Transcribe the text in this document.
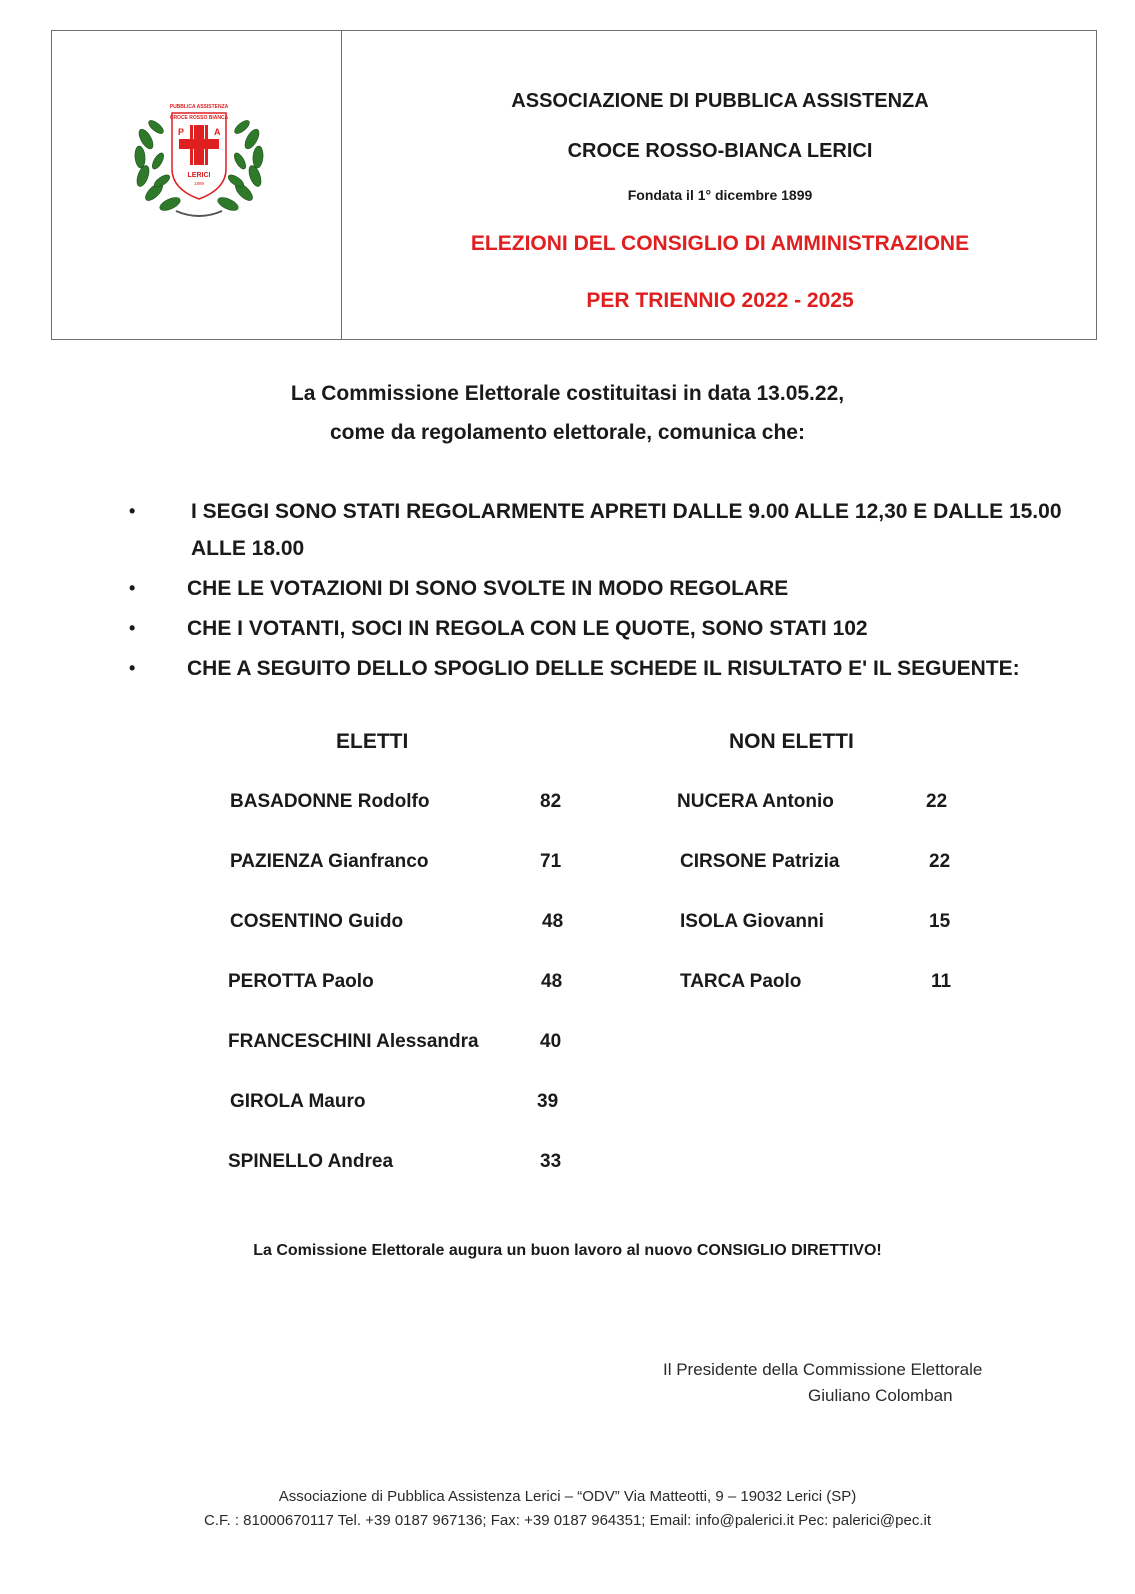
PUBBLICA ASSISTENZA
CROCE ROSSO BIANCA
P	A
LERICI
1899
ASSOCIAZIONE DI PUBBLICA ASSISTENZA
CROCE ROSSO-BIANCA LERICI
Fondata il 1° dicembre 1899
ELEZIONI DEL CONSIGLIO DI AMMINISTRAZIONE
PER TRIENNIO 2022 - 2025
La Commissione Elettorale costituitasi in data 13.05.22,
come da regolamento elettorale, comunica che:
•	I SEGGI SONO STATI REGOLARMENTE APRETI DALLE 9.00 ALLE 12,30 E DALLE 15.00 ALLE 18.00
• CHE LE VOTAZIONI DI SONO SVOLTE IN MODO REGOLARE
• CHE I VOTANTI, SOCI IN REGOLA CON LE QUOTE, SONO STATI 102
• CHE A SEGUITO DELLO SPOGLIO DELLE SCHEDE IL RISULTATO E' IL SEGUENTE:
ELETTI	NON ELETTI
BASADONNE Rodolfo	82
PAZIENZA Gianfranco	71
COSENTINO Guido	48
PEROTTA Paolo	48
FRANCESCHINI Alessandra	40
GIROLA Mauro	39
SPINELLO Andrea	33
NUCERA Antonio	22
CIRSONE Patrizia	22
ISOLA Giovanni	15
TARCA Paolo	11
La Comissione Elettorale augura un buon lavoro al nuovo CONSIGLIO DIRETTIVO!
Il Presidente della Commissione Elettorale
Giuliano Colomban
Associazione di Pubblica Assistenza Lerici – “ODV” Via Matteotti, 9 – 19032 Lerici (SP)
C.F. : 81000670117 Tel. +39 0187 967136; Fax: +39 0187 964351; Email: info@palerici.it Pec: palerici@pec.it
